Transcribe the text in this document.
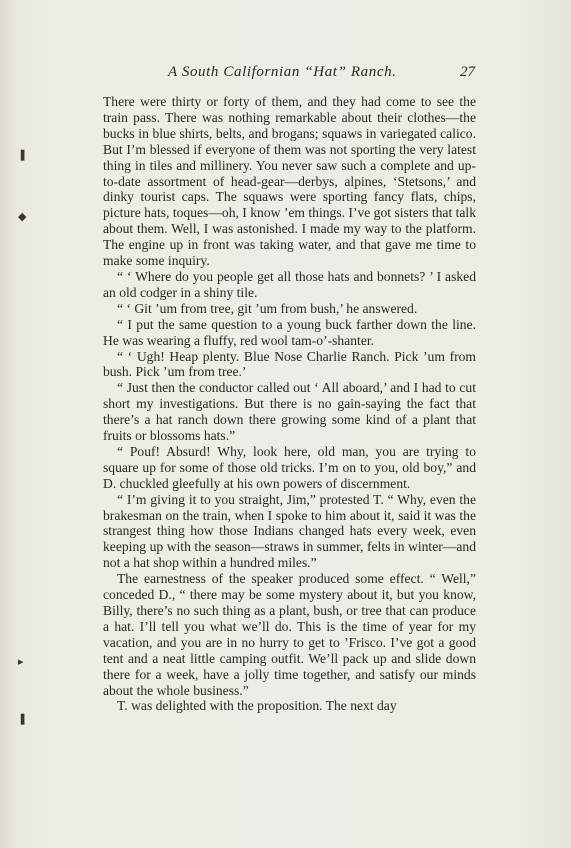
A South Californian “Hat” Ranch.	27
❚
◆
▸
❚

There were thirty or forty of them, and they had come to see the train pass. There was nothing remarkable about their clothes—the bucks in blue shirts, belts, and brogans; squaws in variegated calico. But I’m blessed if everyone of them was not sporting the very latest thing in tiles and millinery. You never saw such a complete and up-to-date assortment of head-gear—derbys, alpines, ‘Stetsons,’ and dinky tourist caps. The squaws were sporting fancy flats, chips, picture hats, toques—oh, I know ’em things. I’ve got sisters that talk about them. Well, I was astonished. I made my way to the platform. The engine up in front was taking water, and that gave me time to make some inquiry.

“ ‘ Where do you people get all those hats and bonnets? ’ I asked an old codger in a shiny tile.

“ ‘ Git ’um from tree, git ’um from bush,’ he answered.

“ I put the same question to a young buck farther down the line. He was wearing a fluffy, red wool tam-o’-shanter.

“ ‘ Ugh! Heap plenty. Blue Nose Charlie Ranch. Pick ’um from bush. Pick ’um from tree.’

“ Just then the conductor called out ‘ All aboard,’ and I had to cut short my investigations. But there is no gain-saying the fact that there’s a hat ranch down there growing some kind of a plant that fruits or blossoms hats.”

“ Pouf! Absurd! Why, look here, old man, you are trying to square up for some of those old tricks. I’m on to you, old boy,” and D. chuckled gleefully at his own powers of discernment.

“ I’m giving it to you straight, Jim,” protested T. “ Why, even the brakesman on the train, when I spoke to him about it, said it was the strangest thing how those Indians changed hats every week, even keeping up with the season—straws in summer, felts in winter—and not a hat shop within a hundred miles.”

The earnestness of the speaker produced some effect. “ Well,” conceded D., “ there may be some mystery about it, but you know, Billy, there’s no such thing as a plant, bush, or tree that can produce a hat. I’ll tell you what we’ll do. This is the time of year for my vacation, and you are in no hurry to get to ’Frisco. I’ve got a good tent and a neat little camping outfit. We’ll pack up and slide down there for a week, have a jolly time together, and satisfy our minds about the whole business.”

T. was delighted with the proposition. The next day
